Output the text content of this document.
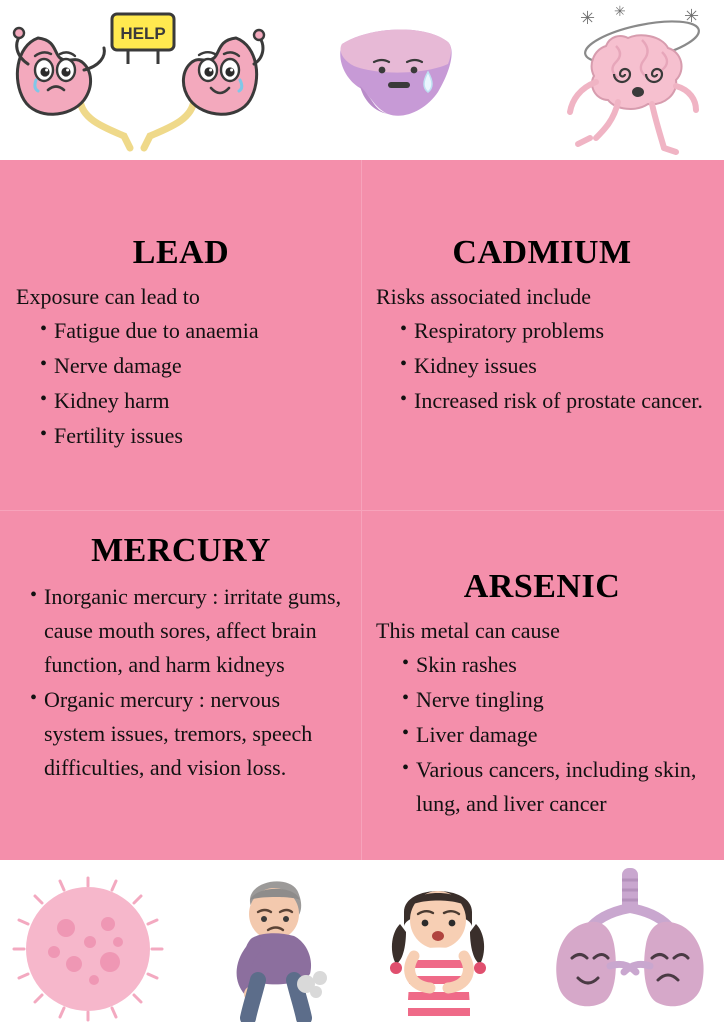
HELP
✳	✳
✳
LEAD

Exposure can lead to

• Fatigue due to anaemia
• Nerve damage
• Kidney harm
• Fertility issues
CADMIUM

Risks associated include

• Respiratory problems
• Kidney issues
• Increased risk of prostate cancer.
MERCURY
• Inorganic mercury : irritate gums, cause mouth sores, affect brain function, and harm kidneys
• Organic mercury : nervous system issues, tremors, speech difficulties, and vision loss.
ARSENIC

This metal can cause

• Skin rashes
• Nerve tingling
• Liver damage
• Various cancers, including skin, lung, and liver cancer
